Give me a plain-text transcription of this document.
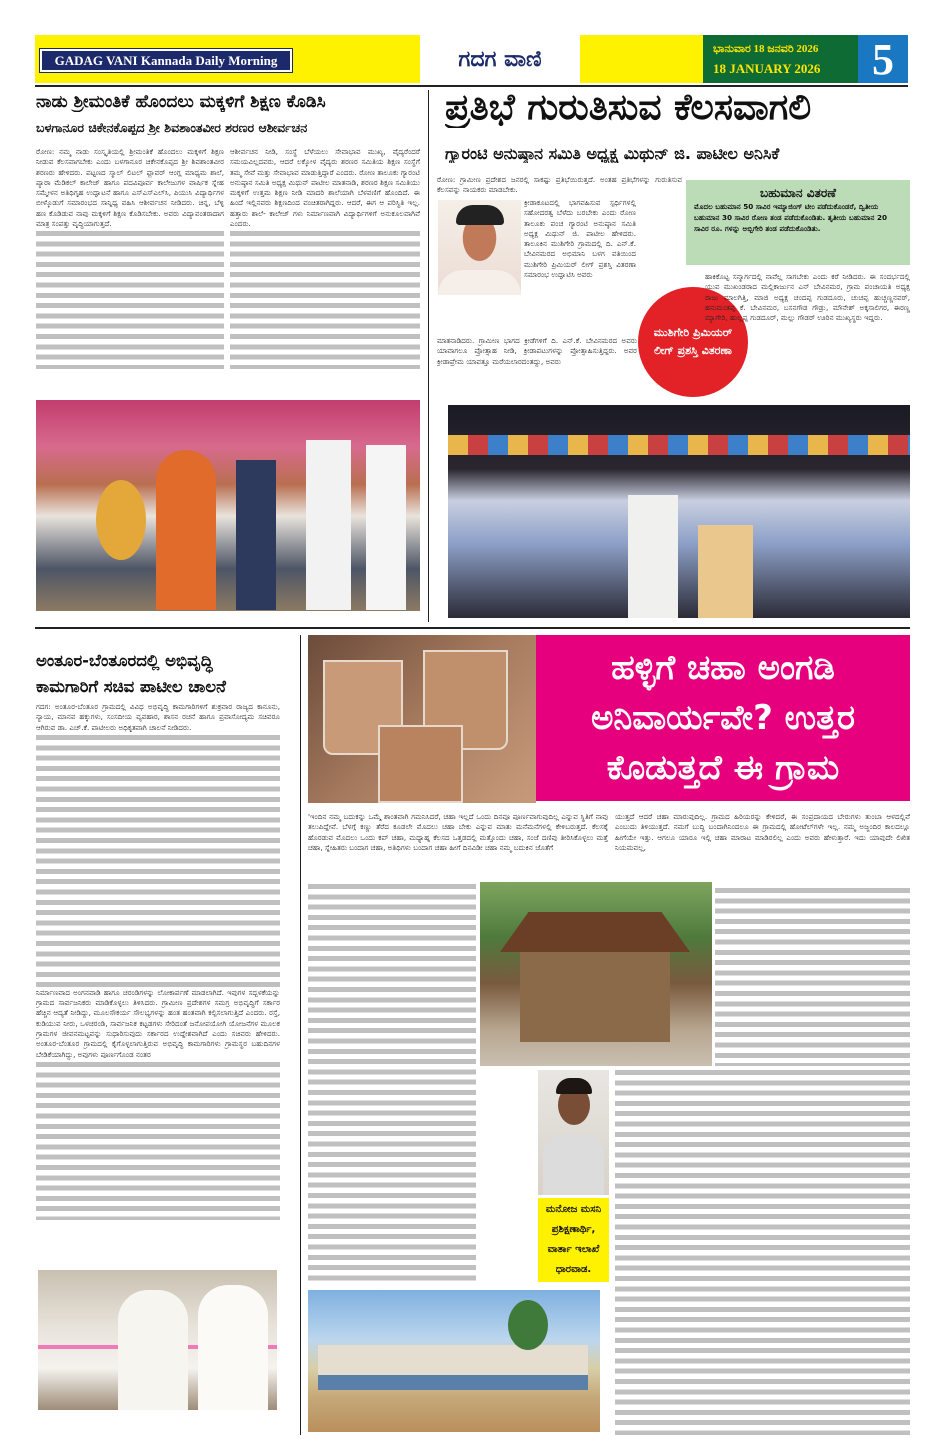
GADAG VANI Kannada Daily Morning	ಗದಗ ವಾಣಿ	ಭಾನುವಾರ 18 ಜನವರಿ 2026
18 JANUARY 2026	5
ನಾಡು ಶ್ರೀಮಂತಿಕೆ ಹೊಂದಲು ಮಕ್ಕಳಿಗೆ ಶಿಕ್ಷಣ ಕೊಡಿಸಿ
ಬಳಗಾನೂರ ಚಿಕೇನಕೊಪ್ಪದ ಶ್ರೀ ಶಿವಶಾಂತವೀರ ಶರಣರ ಆಶೀರ್ವಚನ
ರೋಣ: ನಮ್ಮ ನಾಡು ಸಂಸ್ಕೃತಿಯಲ್ಲಿ ಶ್ರೀಮಂತಿಕೆ ಹೊಂದಲು ಮಕ್ಕಳಿಗೆ ಶಿಕ್ಷಣ ನೀಡುವ ಕೆಲಸವಾಗಬೇಕು ಎಂದು ಬಳಗಾನೂರ ಚಿಕೇನಕೊಪ್ಪದ ಶ್ರೀ ಶಿವಶಾಂತವೀರ ಶರಣರು ಹೇಳಿದರು. ಪಟ್ಟಣದ ಸ್ಮಾಲ್ ಲಿಟಲ್ ಫ್ಲಾವರ್ ಆಂಗ್ಲ ಮಾಧ್ಯಮ ಶಾಲೆ, ಪ್ಯಾರಾ ಮೆಡಿಕಲ್ ಕಾಲೇಜ್ ಹಾಗೂ ಪದವಿಪೂರ್ವ ಕಾಲೇಜುಗಳ ವಾರ್ಷಿಕ ಸ್ನೇಹ ಸಮ್ಮೇಳನ ಅತಿಥಿಗೃಹ ಉದ್ಘಾಟನೆ ಹಾಗೂ ಎಸ್‌ಎಸ್‌ಎಲ್‌ಸಿ, ಪಿಯುಸಿ ವಿದ್ಯಾರ್ಥಿಗಳ ಬೀಳ್ಕೊಡುಗೆ ಸಮಾರಂಭದ ಸಾನ್ನಿಧ್ಯ ವಹಿಸಿ ಆಶೀರ್ವಚನ ನೀಡಿದರು. ಚಿನ್ನ, ಬೆಳ್ಳಿ ಹಣ ಕೊಡಿಡುವ ನಾವು ಮಕ್ಕಳಿಗೆ ಶಿಕ್ಷಣ ಕೊಡಿಸಬೇಕು. ಅವರು ವಿದ್ಯಾವಂತರಾದಾಗ ಮಾತ್ರ ಸಂಪತ್ತು ವೃದ್ಧಿಯಾಗುತ್ತದೆ.
ಆಶೀರ್ವಚನ ನೀಡಿ, ಸಂಸ್ಥೆ ಬೆಳೆಯಲು ಸೇವಾಭಾವ ಮುಖ್ಯ, ವೈದ್ಯರೆಂದರೆ ಸಮಯವಿಲ್ಲದವರು, ಆದರೆ ಲಕ್ಕೋಳ ವೈದ್ಯರು ಶರಣರ ಸಮಿತಿಯ ಶಿಕ್ಷಣ ಸಂಸ್ಥೆಗೆ ತಮ್ಮ ಸೇವೆ ಮತ್ತು ಸೇವಾಭಾವ ಮಾಡುತ್ತಿದ್ದಾರೆ ಎಂದರು. ರೋಣ ತಾಲೂಕು ಗ್ಯಾರಂಟಿ ಅನುಷ್ಠಾನ ಸಮಿತಿ ಅಧ್ಯಕ್ಷ ಮಿಥುನ್ ಪಾಟೀಲ ಮಾತನಾಡಿ, ಶರಣರ ಶಿಕ್ಷಣ ಸಮಿತಿಯು ಮಕ್ಕಳಿಗೆ ಉತ್ತಮ ಶಿಕ್ಷಣ ನೀಡಿ ಮಾದರಿ ಶಾಲೆಯಾಗಿ ಬೆಳವಣಿಗೆ ಹೊಂದಿದೆ. ಈ ಹಿಂದೆ ಇಲ್ಲಿನವರು ಶಿಕ್ಷಣದಿಂದ ವಂಚಿತರಾಗಿದ್ದರು. ಆದರೆ, ಈಗ ಆ ಪರಿಸ್ಥಿತಿ ಇಲ್ಲ. ಹತ್ತಾರು ಶಾಲೆ- ಕಾಲೇಜ್ ಗಳು ನಿರ್ಮಾಣವಾಗಿ ವಿದ್ಯಾರ್ಥಿಗಳಿಗೆ ಅನುಕೂಲವಾಗಿವೆ ಎಂದರು.
ಪ್ರತಿಭೆ ಗುರುತಿಸುವ ಕೆಲಸವಾಗಲಿ
ಗ್ಯಾರಂಟಿ ಅನುಷ್ಠಾನ ಸಮಿತಿ ಅಧ್ಯಕ್ಷ ಮಿಥುನ್ ಜಿ. ಪಾಟೀಲ ಅನಿಸಿಕೆ
ರೋಣ: ಗ್ರಾಮೀಣ ಪ್ರದೇಶದ ಜನರಲ್ಲಿ ಸಾಕಷ್ಟು ಪ್ರತಿಭೆಯಿರುತ್ತದೆ. ಅಂತಹ ಪ್ರತಿಭೆಗಳನ್ನು ಗುರುತಿಸುವ ಕೆಲಸವನ್ನು ನಾಯಕರು ಮಾಡಬೇಕು.
ಕ್ರೀಡಾಕೂಟದಲ್ಲಿ ಭಾಗವಹಿಸುವ ಸ್ಪರ್ಧಿಗಳಲ್ಲಿ ಸಹೋದರತ್ವ ಬೆಳೆದು ಬರಬೇಕು ಎಂದು ರೋಣ ತಾಲೂಕು ಪಂಚ ಗ್ಯಾರಂಟಿ ಅನುಷ್ಠಾನ ಸಮಿತಿ ಅಧ್ಯಕ್ಷ ಮಿಥುನ್ ಜಿ. ಪಾಟೀಲ ಹೇಳಿದರು. ತಾಲೂಕಿನ ಮುಶಿಗೇರಿ ಗ್ರಾಮದಲ್ಲಿ ದಿ. ಎನ್.ಕೆ. ಬೇವಿನಮರದ ಅಭಿಮಾನಿ ಬಳಗ ವತಿಯಿಂದ ಮುಶಿಗೇರಿ ಪ್ರಿಮಿಯರ್ ಲೀಗ್ ಪ್ರಶಸ್ತಿ ವಿತರಣಾ ಸಮಾರಂಭ ಉದ್ಘಾಟಿಸಿ ಅವರು
ಮಾತನಾಡಿದರು. ಗ್ರಾಮೀಣ ಭಾಗದ ಕ್ರೀಡೆಗಳಿಗೆ ದಿ. ಎನ್.ಕೆ. ಬೇವಿನಮರದ ಅವರು ಯಾವಾಗಲೂ ಪ್ರೋತ್ಸಾಹ ನೀಡಿ, ಕ್ರೀಡಾಪಟುಗಳನ್ನು ಪ್ರೋತ್ಸಾಹಿಸುತ್ತಿದ್ದರು. ಅವರ ಕ್ರೀಡಾಪ್ರೇಮ ಯಾವತ್ತೂ ಮರೆಯಲಾರದಂತದ್ದು, ಅವರು
ಬಹುಮಾನ ವಿತರಣೆ
ಮೊದಲ ಬಹುಮಾನ 50 ಸಾವಿರ ಇಮ್ಯಾಜಿಂಗ್ ಟೀಂ ಪಡೆದುಕೊಂಡರೆ, ದ್ವಿತೀಯ ಬಹುಮಾನ 30 ಸಾವಿರ ರೋಣ ತಂಡ ಪಡೆದುಕೊಂಡಿತು. ತೃತೀಯ ಬಹುಮಾನ 20 ಸಾವಿರ ರೂ. ಗಳನ್ನು ಅಬ್ಬಿಗೇರಿ ತಂಡ ಪಡೆದುಕೊಂಡಿತು.
ಮುಶಿಗೇರಿ ಪ್ರಿಮಿಯರ್ ಲೀಗ್ ಪ್ರಶಸ್ತಿ ವಿತರಣಾ
ಹಾಕಿಕೊಟ್ಟ ಸನ್ಮಾರ್ಗದಲ್ಲಿ ನಾವೆಲ್ಲ ಸಾಗಬೇಕು ಎಂದು ಕರೆ ನೀಡಿದರು. ಈ ಸಂದರ್ಭದಲ್ಲಿ ಯುವ ಮುಖಂಡರಾದ ಮಲ್ಲಿಕಾರ್ಜುನ ಎನ್ ಬೇವಿನಮರ, ಗ್ರಾಮ ಪಂಚಾಯತಿ ಅಧ್ಯಕ್ಷ ರಾಜು ಮಾಲಗಿತ್ತಿ, ಮಾಜಿ ಅಧ್ಯಕ್ಷ ಚಂದಪ್ಪ ಗುಡದೂರು, ಚುಚಪ್ಪ ಹುಚ್ಚಣ್ಣನವರ್, ಹನುಮಂತಪ್ಪ ಕೆ. ಬೇವಿನಮರ, ಬಸನಗೌಡ ಗೌಡ್ರು, ಮೌನೇಶ್ ಅಕ್ಕಸಾಲಿಗರ, ಈರಣ್ಣ ಮ್ಯಾಗೇರಿ, ಹುಲ್ಲಪ್ಪ ಗುಡದೂರ್, ಮಲ್ಲು ಗೌಡರ್ ಊರಿನ ಮುಖ್ಯಸ್ಥರು ಇದ್ದರು.
ಅಂತೂರ-ಬೆಂತೂರದಲ್ಲಿ ಅಭಿವೃದ್ಧಿ ಕಾಮಗಾರಿಗೆ ಸಚಿವ ಪಾಟೀಲ ಚಾಲನೆ
ಗದಗ: ಅಂತೂರ-ಬೆಂತೂರ ಗ್ರಾಮದಲ್ಲಿ ವಿವಿಧ ಅಭಿವೃದ್ಧಿ ಕಾಮಗಾರಿಗಳಿಗೆ ಶುಕ್ರವಾರ ರಾಜ್ಯದ ಕಾನೂನು, ನ್ಯಾಯ, ಮಾನವ ಹಕ್ಕುಗಳು, ಸಂಸದೀಯ ವ್ಯವಹಾರ, ಶಾಸನ ರಚನೆ ಹಾಗೂ ಪ್ರವಾಸೋದ್ಯಮ ಸಚಿವರೂ ಆಗಿರುವ ಡಾ. ಎಚ್.ಕೆ. ಪಾಟೀಲರು ಅಧಿಕೃತವಾಗಿ ಚಾಲನೆ ನೀಡಿದರು.
ನಿರ್ಮಾಣವಾದ ಅಂಗನವಾಡಿ ಹಾಗೂ ಚರಂಡಿಗಳನ್ನು ಲೋಕಾರ್ಪಣೆ ಮಾಡಲಾಗಿದೆ. ಇವುಗಳ ಸದ್ಬಳಕೆಯನ್ನು ಗ್ರಾಮದ ಸಾರ್ವಜನಿಕರು ಮಾಡಿಕೊಳ್ಳಲು ತಿಳಿಸಿದರು. ಗ್ರಾಮೀಣ ಪ್ರದೇಶಗಳ ಸಮಗ್ರ ಅಭಿವೃದ್ಧಿಗೆ ಸರ್ಕಾರ ಹೆಚ್ಚಿನ ಆದ್ಯತೆ ನೀಡಿದ್ದು, ಮೂಲಸೌಕರ್ಯ ಸೌಲಭ್ಯಗಳನ್ನು ಹಂತ ಹಂತವಾಗಿ ಕಲ್ಪಿಸಲಾಗುತ್ತಿದೆ ಎಂದರು. ರಸ್ತೆ, ಕುಡಿಯುವ ನೀರು, ಒಳಚರಂಡಿ, ಸಾರ್ವಜನಿಕ ಕಟ್ಟಡಗಳು ಸೇರಿದಂತೆ ಜನೋಪಯೋಗಿ ಯೋಜನೆಗಳ ಮೂಲಕ ಗ್ರಾಮಗಳ ಜೀವನಮಟ್ಟವನ್ನು ಸುಧಾರಿಸುವುದು ಸರ್ಕಾರದ ಉದ್ದೇಶವಾಗಿದೆ ಎಂದು ಸಚಿವರು ಹೇಳಿದರು. ಅಂತೂರ-ಬೆಂತೂರ ಗ್ರಾಮದಲ್ಲಿ ಕೈಗೊಳ್ಳಲಾಗುತ್ತಿರುವ ಅಭಿವೃದ್ಧಿ ಕಾಮಗಾರಿಗಳು ಗ್ರಾಮಸ್ಥರ ಬಹುದಿನಗಳ ಬೇಡಿಕೆಯಾಗಿದ್ದು, ಅವುಗಳು ಪೂರ್ಣಗೊಂಡ ನಂತರ
ಹಳ್ಳಿಗೆ ಚಹಾ ಅಂಗಡಿ ಅನಿವಾರ್ಯವೇ? ಉತ್ತರ ಕೊಡುತ್ತದೆ ಈ ಗ್ರಾಮ
'ಇಂದಿನ ನಮ್ಮ ಬದುಕನ್ನು ಒಮ್ಮೆ ಶಾಂತವಾಗಿ ಗಮನಿಸಿದರೆ, ಚಹಾ ಇಲ್ಲದೆ ಒಂದು ದಿನವೂ ಪೂರ್ಣವಾಗುವುದಿಲ್ಲ ಎನ್ನುವ ಸ್ಥಿತಿಗೆ ನಾವು ತಲುಪಿದ್ದೇವೆ. ಬೆಳಗ್ಗೆ ಕಣ್ಣು ತೆರೆದ ಕೂಡಲೇ ಮೊದಲು ಚಹಾ ಬೇಕು ಎನ್ನುವ ಮಾತು ಮನೆಮನೆಗಳಲ್ಲಿ ಕೇಳಿಬರುತ್ತದೆ. ಕೆಲಸಕ್ಕೆ ಹೊರಡುವ ಮೊದಲು ಒಂದು ಕಪ್ ಚಹಾ, ಮಧ್ಯಾಹ್ನ ಕೆಲಸದ ಒತ್ತಡದಲ್ಲಿ ಮತ್ತೊಂದು ಚಹಾ, ಸಂಜೆ ದಣಿವು ತೀರಿಸಿಕೊಳ್ಳಲು ಮತ್ತೆ ಚಹಾ, ಸ್ನೇಹಿತರು ಬಂದಾಗ ಚಹಾ, ಅತಿಥಿಗಳು ಬಂದಾಗ ಚಹಾ ಹೀಗೆ ದಿನವಿಡೀ ಚಹಾ ನಮ್ಮ ಬದುಕಿನ ಜೊತೆಗೆ
ಮನೋಜ ಮಸನಿ ಪ್ರಶಿಕ್ಷಣಾರ್ಥಿ, ವಾರ್ತಾ ಇಲಾಖೆ ಧಾರವಾಡ.
ಯುತ್ತದೆ ಆದರೆ ಚಹಾ ಮಾರುವುದಿಲ್ಲ. ಗ್ರಾಮದ ಹಿರಿಯರನ್ನು ಕೇಳಿದರೆ, ಈ ಸಂಪ್ರದಾಯದ ಬೇರುಗಳು ತುಂಬಾ ಆಳದಲ್ಲಿವೆ ಎಂಬುದು ತಿಳಿಯುತ್ತದೆ. ನಮಗೆ ಬುದ್ಧಿ ಬಂದಾಗಿನಿಂದಲೂ ಈ ಗ್ರಾಮದಲ್ಲಿ ಹೋಟೆಲ್‌ಗಳೇ ಇಲ್ಲ. ನಮ್ಮ ಅಜ್ಜಂದಿರ ಕಾಲದಲ್ಲೂ ಹೀಗೆಯೇ ಇತ್ತು. ಆಗಲೂ ಯಾರೂ ಇಲ್ಲಿ ಚಹಾ ಮಾರಾಟ ಮಾಡಿರಲಿಲ್ಲ ಎಂದು ಅವರು ಹೇಳುತ್ತಾರೆ. ಇದು ಯಾವುದೇ ಲಿಖಿತ ನಿಯಮವಲ್ಲ,
